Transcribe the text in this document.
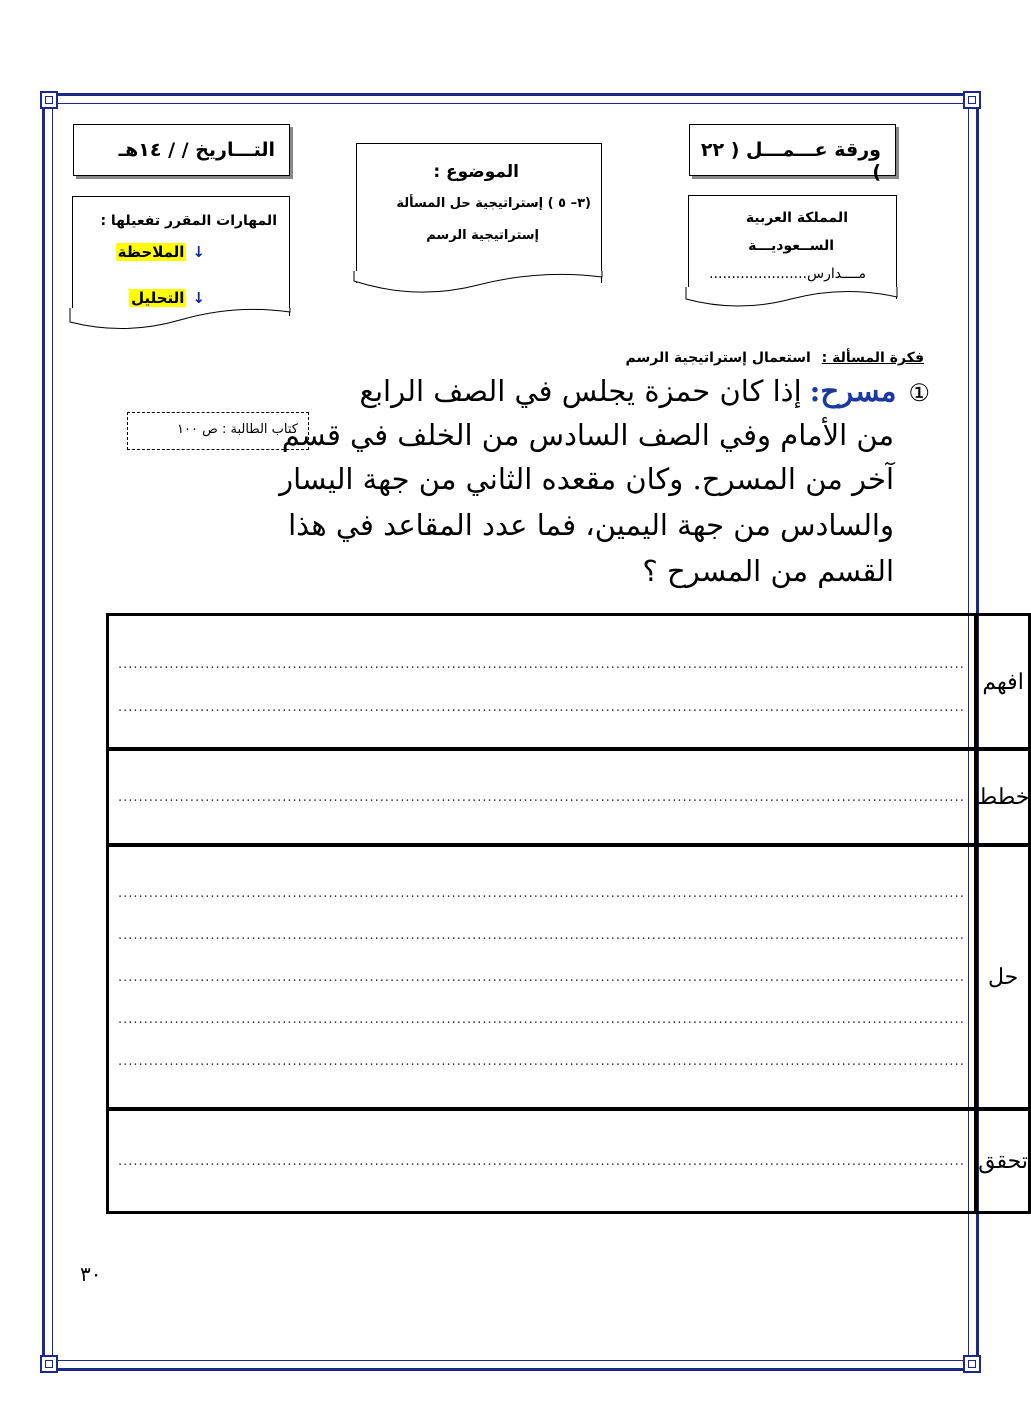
ورقة عـــمـــل ( ٢٢ )
التـــاريخ / / ١٤هـ
الموضوع :
(٣– ٥ ) إستراتيجية حل المسألة
إستراتيجية الرسم
المملكة العربية
الســعوديـــة
مــــدارس......................
المهارات المقرر تفعيلها :
↓الملاحظة
↓التحليل
فكرة المسألة : استعمال إستراتيجية الرسم
كتاب الطالبة : ص ١٠٠
①مسرح:إذا كان حمزة يجلس في الصف الرابع
من الأمام وفي الصف السادس من الخلف في قسم
آخر من المسرح. وكان مقعده الثاني من جهة اليسار
والسادس من جهة اليمين، فما عدد المقاعد في هذا
القسم من المسرح ؟
.....................................................................................................................................................................
.....................................................................................................................................................................	افهم

.....................................................................................................................................................................	خطط

.....................................................................................................................................................................
.....................................................................................................................................................................
.....................................................................................................................................................................
.....................................................................................................................................................................
.....................................................................................................................................................................	حل

.....................................................................................................................................................................	تحقق
٣٠
